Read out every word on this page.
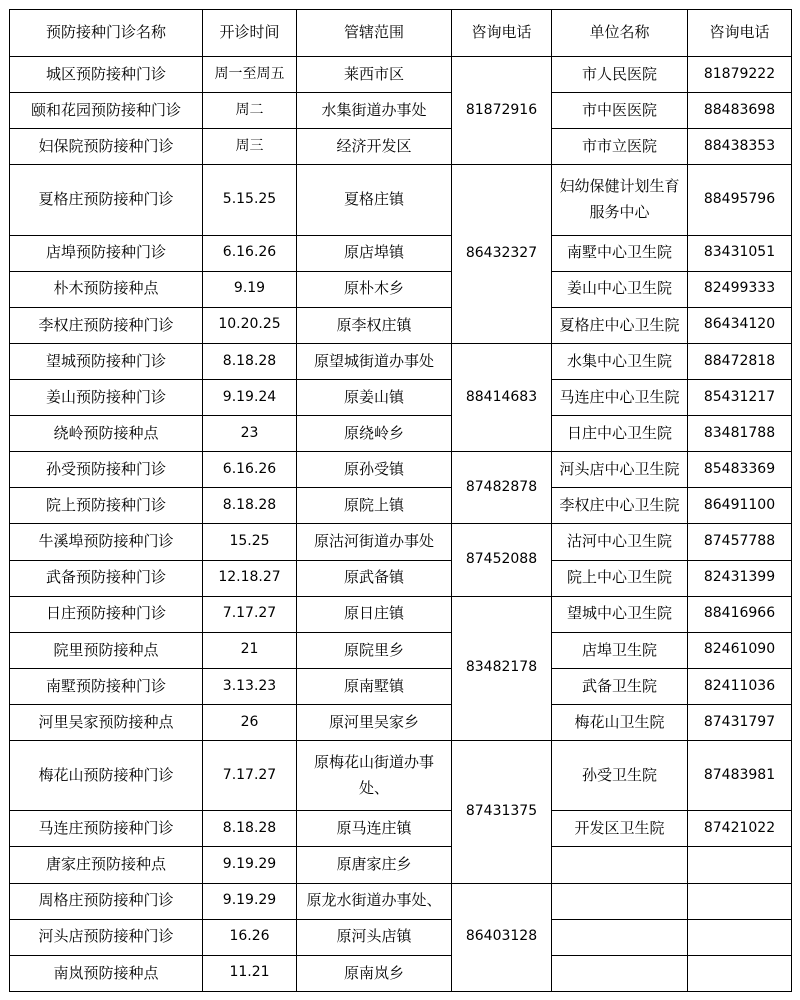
预防接种门诊名称	开诊时间	管辖范围	咨询电话	单位名称	咨询电话
城区预防接种门诊	周一至周五	莱西市区	81872916	市人民医院	81879222
颐和花园预防接种门诊	周二	水集街道办事处		市中医医院	88483698
妇保院预防接种门诊	周三	经济开发区		市市立医院	88438353
夏格庄预防接种门诊	5.15.25	夏格庄镇	86432327	妇幼保健计划生育服务中心	88495796
店埠预防接种门诊	6.16.26	原店埠镇		南墅中心卫生院	83431051
朴木预防接种点	9.19	原朴木乡		姜山中心卫生院	82499333
李权庄预防接种门诊	10.20.25	原李权庄镇		夏格庄中心卫生院	86434120
望城预防接种门诊	8.18.28	原望城街道办事处	88414683	水集中心卫生院	88472818
姜山预防接种门诊	9.19.24	原姜山镇		马连庄中心卫生院	85431217
绕岭预防接种点	23	原绕岭乡		日庄中心卫生院	83481788
孙受预防接种门诊	6.16.26	原孙受镇	87482878	河头店中心卫生院	85483369
院上预防接种门诊	8.18.28	原院上镇		李权庄中心卫生院	86491100
牛溪埠预防接种门诊	15.25	原沽河街道办事处	87452088	沽河中心卫生院	87457788
武备预防接种门诊	12.18.27	原武备镇		院上中心卫生院	82431399
日庄预防接种门诊	7.17.27	原日庄镇	83482178	望城中心卫生院	88416966
院里预防接种点	21	原院里乡		店埠卫生院	82461090
南墅预防接种门诊	3.13.23	原南墅镇		武备卫生院	82411036
河里吴家预防接种点	26	原河里吴家乡		梅花山卫生院	87431797
梅花山预防接种门诊	7.17.27	原梅花山街道办事处、	87431375	孙受卫生院	87483981
马连庄预防接种门诊	8.18.28	原马连庄镇		开发区卫生院	87421022
唐家庄预防接种点	9.19.29	原唐家庄乡			
周格庄预防接种门诊	9.19.29	原龙水街道办事处、	86403128		
河头店预防接种门诊	16.26	原河头店镇			
南岚预防接种点	11.21	原南岚乡			
